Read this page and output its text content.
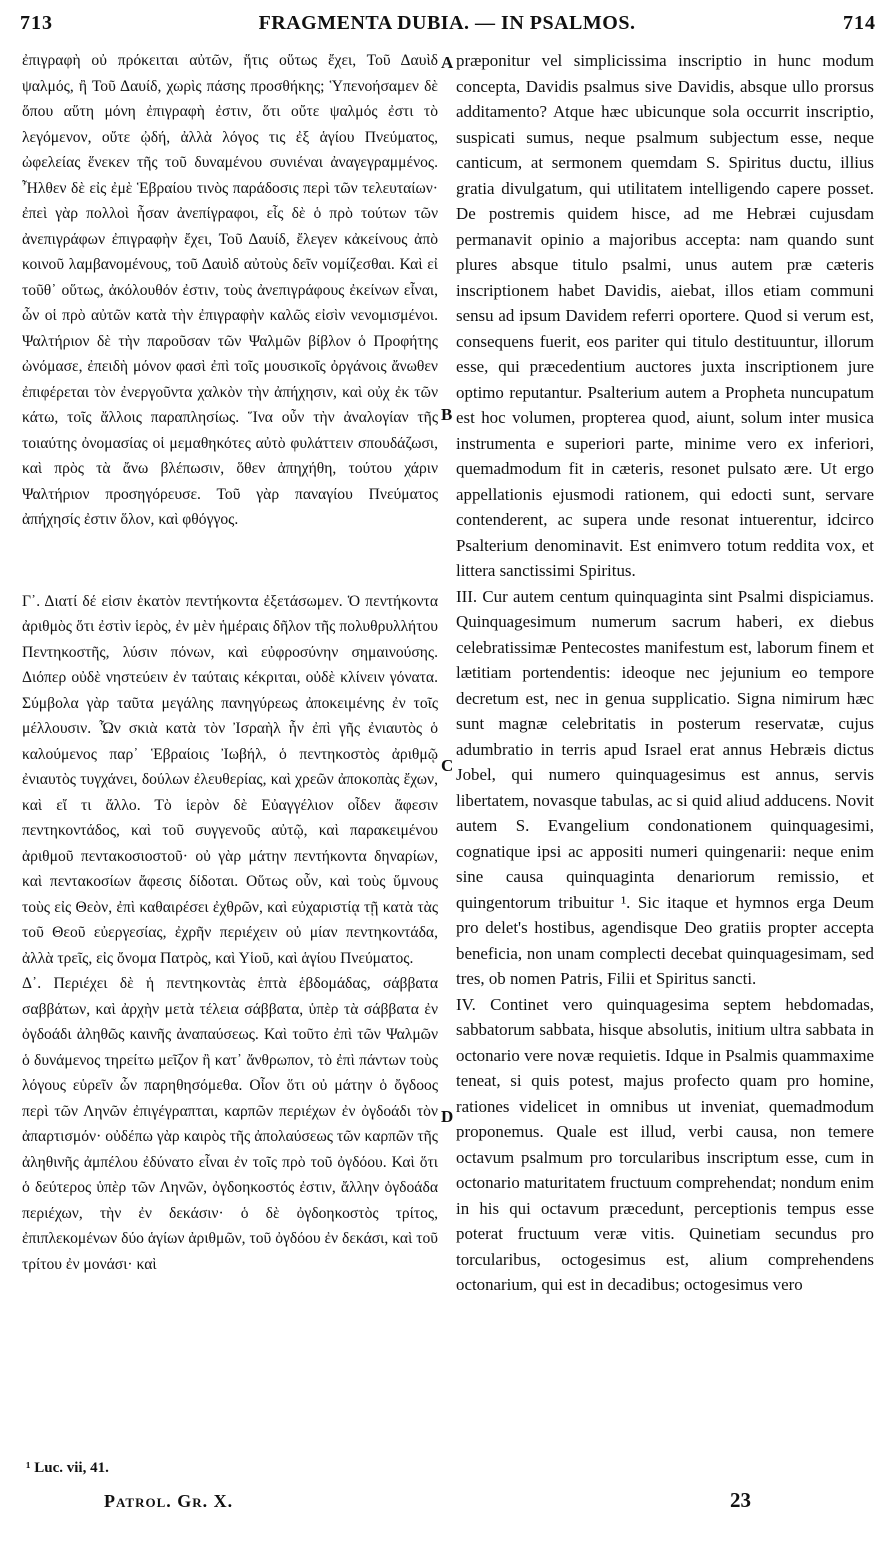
713	FRAGMENTA DUBIA. — IN PSALMOS.	714

ἐπιγραφὴ οὐ πρόκειται αὐτῶν, ἥτις οὕτως ἔχει, Τοῦ Δαυὶδ ψαλμός, ἢ Τοῦ Δαυίδ, χωρὶς πάσης προσθήκης; Ὑπενοήσαμεν δὲ ὅπου αὕτη μόνη ἐπιγραφὴ ἐστιν, ὅτι οὔτε ψαλμός ἐστι τὸ λεγόμενον, οὔτε ᾠδή, ἀλλὰ λόγος τις ἐξ ἁγίου Πνεύματος, ὠφελείας ἕνεκεν τῆς τοῦ δυναμένου συνιέναι ἀναγεγραμμένος. Ἦλθεν δὲ εἰς ἐμὲ Ἑβραίου τινὸς παράδοσις περὶ τῶν τελευταίων· ἐπεὶ γὰρ πολλοὶ ἦσαν ἀνεπίγραφοι, εἷς δὲ ὁ πρὸ τούτων τῶν ἀνεπιγράφων ἐπιγραφὴν ἔχει, Τοῦ Δαυίδ, ἔλεγεν κἀκείνους ἀπὸ κοινοῦ λαμβανομένους, τοῦ Δαυὶδ αὐτοὺς δεῖν νομίζεσθαι. Καὶ εἰ τοῦθ᾽ οὕτως, ἀκόλουθόν ἐστιν, τοὺς ἀνεπιγράφους ἐκείνων εἶναι, ὧν οἱ πρὸ αὐτῶν κατὰ τὴν ἐπιγραφὴν καλῶς εἰσὶν νενομισμένοι. Ψαλτήριον δὲ τὴν παροῦσαν τῶν Ψαλμῶν βίβλον ὁ Προφήτης ὠνόμασε, ἐπειδὴ μόνον φασὶ ἐπὶ τοῖς μουσικοῖς ὀργάνοις ἄνωθεν ἐπιφέρεται τὸν ἐνεργοῦντα χαλκὸν τὴν ἀπήχησιν, καὶ οὐχ ἐκ τῶν κάτω, τοῖς ἄλλοις παραπλησίως. Ἵνα οὖν τὴν ἀναλογίαν τῆς τοιαύτης ὀνομασίας οἱ μεμαθηκότες αὐτὸ φυλάττειν σπουδάζωσι, καὶ πρὸς τὰ ἄνω βλέπωσιν, ὅθεν ἀπηχήθη, τούτου χάριν Ψαλτήριον προσηγόρευσε. Τοῦ γὰρ παναγίου Πνεύματος ἀπήχησίς ἐστιν ὅλον, καὶ φθόγγος.

Γ᾽. Διατί δέ εἰσιν ἑκατὸν πεντήκοντα ἐξετάσωμεν. Ὁ πεντήκοντα ἀριθμὸς ὅτι ἐστὶν ἱερὸς, ἐν μὲν ἡμέραις δῆλον τῆς πολυθρυλλήτου Πεντηκοστῆς, λύσιν πόνων, καὶ εὐφροσύνην σημαινούσης. Διόπερ οὐδὲ νηστεύειν ἐν ταύταις κέκριται, οὐδὲ κλίνειν γόνατα. Σύμβολα γὰρ ταῦτα μεγάλης πανηγύρεως ἀποκειμένης ἐν τοῖς μέλλουσιν. Ὧν σκιὰ κατὰ τὸν Ἰσραὴλ ἦν ἐπὶ γῆς ἐνιαυτὸς ὁ καλούμενος παρ᾽ Ἑβραίοις Ἰωβήλ, ὁ πεντηκοστὸς ἀριθμῷ ἐνιαυτὸς τυγχάνει, δούλων ἐλευθερίας, καὶ χρεῶν ἀποκοπὰς ἔχων, καὶ εἴ τι ἄλλο. Τὸ ἱερὸν δὲ Εὐαγγέλιον οἶδεν ἄφεσιν πεντηκοντάδος, καὶ τοῦ συγγενοῦς αὐτῷ, καὶ παρακειμένου ἀριθμοῦ πεντακοσιοστοῦ· οὐ γὰρ μάτην πεντήκοντα δηναρίων, καὶ πεντακοσίων ἄφεσις δίδοται. Οὕτως οὖν, καὶ τοὺς ὕμνους τοὺς εἰς Θεὸν, ἐπὶ καθαιρέσει ἐχθρῶν, καὶ εὐχαριστίᾳ τῇ κατὰ τὰς τοῦ Θεοῦ εὐεργεσίας, ἐχρῆν περιέχειν οὐ μίαν πεντηκοντάδα, ἀλλὰ τρεῖς, εἰς ὄνομα Πατρὸς, καὶ Υἱοῦ, καὶ ἁγίου Πνεύματος.

Δ᾽. Περιέχει δὲ ἡ πεντηκοντὰς ἑπτὰ ἑβδομάδας, σάββατα σαββάτων, καὶ ἀρχὴν μετὰ τέλεια σάββατα, ὑπὲρ τὰ σάββατα ἐν ὀγδοάδι ἀληθῶς καινῆς ἀναπαύσεως. Καὶ τοῦτο ἐπὶ τῶν Ψαλμῶν ὁ δυνάμενος τηρείτω μεῖζον ἢ κατ᾽ ἄνθρωπον, τὸ ἐπὶ πάντων τοὺς λόγους εὑρεῖν ὧν παρηθησόμεθα. Οἷον ὅτι οὐ μάτην ὁ ὄγδοος περὶ τῶν Ληνῶν ἐπιγέγραπται, καρπῶν περιέχων ἐν ὀγδοάδι τὸν ἀπαρτισμόν· οὐδέπω γὰρ καιρὸς τῆς ἀπολαύσεως τῶν καρπῶν τῆς ἀληθινῆς ἀμπέλου ἐδύνατο εἶναι ἐν τοῖς πρὸ τοῦ ὀγδόου. Καὶ ὅτι ὁ δεύτερος ὑπὲρ τῶν Ληνῶν, ὀγδοηκοστός ἐστιν, ἄλλην ὀγδοάδα περιέχων, τὴν ἐν δεκάσιν· ὁ δὲ ὀγδοηκοστὸς τρίτος, ἐπιπλεκομένων δύο ἁγίων ἀριθμῶν, τοῦ ὀγδόου ἐν δεκάσι, καὶ τοῦ τρίτου ἐν μονάσι· καὶ

A
B
C
D

præponitur vel simplicissima inscriptio in hunc modum concepta, Davidis psalmus sive Davidis, absque ullo prorsus additamento? Atque hæc ubicunque sola occurrit inscriptio, suspicati sumus, neque psalmum subjectum esse, neque canticum, at sermonem quemdam S. Spiritus ductu, illius gratia divulgatum, qui utilitatem intelligendo capere posset. De postremis quidem hisce, ad me Hebræi cujusdam permanavit opinio a majoribus accepta: nam quando sunt plures absque titulo psalmi, unus autem præ cæteris inscriptionem habet Davidis, aiebat, illos etiam communi sensu ad ipsum Davidem referri oportere. Quod si verum est, consequens fuerit, eos pariter qui titulo destituuntur, illorum esse, qui præcedentium auctores juxta inscriptionem jure optimo reputantur. Psalterium autem a Propheta nuncupatum est hoc volumen, propterea quod, aiunt, solum inter musica instrumenta e superiori parte, minime vero ex inferiori, quemadmodum fit in cæteris, resonet pulsato ære. Ut ergo appellationis ejusmodi rationem, qui edocti sunt, servare contenderent, ac supera unde resonat intuerentur, idcirco Psalterium denominavit. Est enimvero totum reddita vox, et littera sanctissimi Spiritus.

III. Cur autem centum quinquaginta sint Psalmi dispiciamus. Quinquagesimum numerum sacrum haberi, ex diebus celebratissimæ Pentecostes manifestum est, laborum finem et lætitiam portendentis: ideoque nec jejunium eo tempore decretum est, nec in genua supplicatio. Signa nimirum hæc sunt magnæ celebritatis in posterum reservatæ, cujus adumbratio in terris apud Israel erat annus Hebræis dictus Jobel, qui numero quinquagesimus est annus, servis libertatem, novasque tabulas, ac si quid aliud adducens. Novit autem S. Evangelium condonationem quinquagesimi, cognatique ipsi ac appositi numeri quingenarii: neque enim sine causa quinquaginta denariorum remissio, et quingentorum tribuitur ¹. Sic itaque et hymnos erga Deum pro delet's hostibus, agendisque Deo gratiis propter accepta beneficia, non unam complecti decebat quinquagesimam, sed tres, ob nomen Patris, Filii et Spiritus sancti.

IV. Continet vero quinquagesima septem hebdomadas, sabbatorum sabbata, hisque absolutis, initium ultra sabbata in octonario vere novæ requietis. Idque in Psalmis quammaxime teneat, si quis potest, majus profecto quam pro homine, rationes videlicet in omnibus ut inveniat, quemadmodum proponemus. Quale est illud, verbi causa, non temere octavum psalmum pro torcularibus inscriptum esse, cum in octonario maturitatem fructuum comprehendat; nondum enim in his qui octavum præcedunt, perceptionis tempus esse poterat fructuum veræ vitis. Quinetiam secundus pro torcularibus, octogesimus est, alium comprehendens octonarium, qui est in decadibus; octogesimus vero

¹ Luc. vii, 41.
Patrol. Gr. X.	23
